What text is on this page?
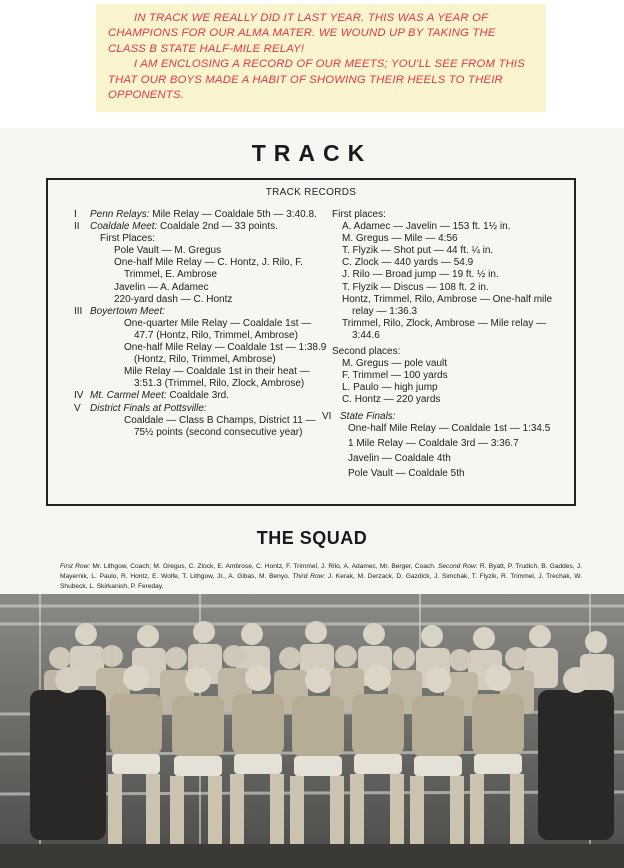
IN TRACK WE REALLY DID IT LAST YEAR. THIS WAS A YEAR OF CHAMPIONS FOR OUR ALMA MATER. WE WOUND UP BY TAKING THE CLASS B STATE HALF-MILE RELAY!

I AM ENCLOSING A RECORD OF OUR MEETS; YOU'LL SEE FROM THIS THAT OUR BOYS MADE A HABIT OF SHOWING THEIR HEELS TO THEIR OPPONENTS.

TRACK
TRACK RECORDS
I	Penn Relays: Mile Relay — Coaldale 5th — 3:40.8.
II	Coaldale Meet: Coaldale 2nd — 33 points.
First Places:
Pole Vault — M. Gregus
One-half Mile Relay — C. Hontz, J. Rilo, F. Trimmel, E. Ambrose
Javelin — A. Adamec
220-yard dash — C. Hontz
III Boyertown Meet:
One-quarter Mile Relay — Coaldale 1st — 47.7 (Hontz, Rilo, Trimmel, Ambrose)
One-half Mile Relay — Coaldale 1st — 1:38.9 (Hontz, Rilo, Trimmel, Ambrose)
Mile Relay — Coaldale 1st in their heat — 3:51.3 (Trimmel, Rilo, Zlock, Ambrose)
IV Mt. Carmel Meet: Coaldale 3rd.
V District Finals at Pottsville:
Coaldale — Class B Champs, District 11 — 75½ points (second consecutive year)
First places:
A. Adamec — Javelin — 153 ft. 1½ in.
M. Gregus — Mile — 4:56
T. Flyzik — Shot put — 44 ft. ¼ in.
C. Zlock — 440 yards — 54.9
J. Rilo — Broad jump — 19 ft. ½ in.
T. Flyzik — Discus — 108 ft. 2 in.
Hontz, Trimmel, Rilo, Ambrose — One-half mile relay — 1:36.3
Trimmel, Rilo, Zlock, Ambrose — Mile relay — 3:44.6
Second places:
M. Gregus — pole vault
F. Trimmel — 100 yards
L. Paulo — high jump
C. Hontz — 220 yards
VI State Finals:
One-half Mile Relay — Coaldale 1st — 1:34.5
1 Mile Relay — Coaldale 3rd — 3:36.7
Javelin — Coaldale 4th
Pole Vault — Coaldale 5th
THE SQUAD
First Row: Mr. Lithgow, Coach; M. Gregus, C. Zlock, E. Ambrose, C. Hontz, F. Trimmel, J. Rilo, A. Adamec, Mr. Berger, Coach. Second Row: R. Byatt, P. Trudich, B. Gaddes, J. Mayernik, L. Paulo, R. Hontz, E. Wolfe, T. Lithgow, Jr., A. Gibas, M. Benyo. Third Row: J. Kerak, M. Derzack, D. Gazdick, J. Simchak, T. Flyzik, R. Trimmel, J. Trechak, W. Shubeck, L. Skirkanish, P. Fereday.
